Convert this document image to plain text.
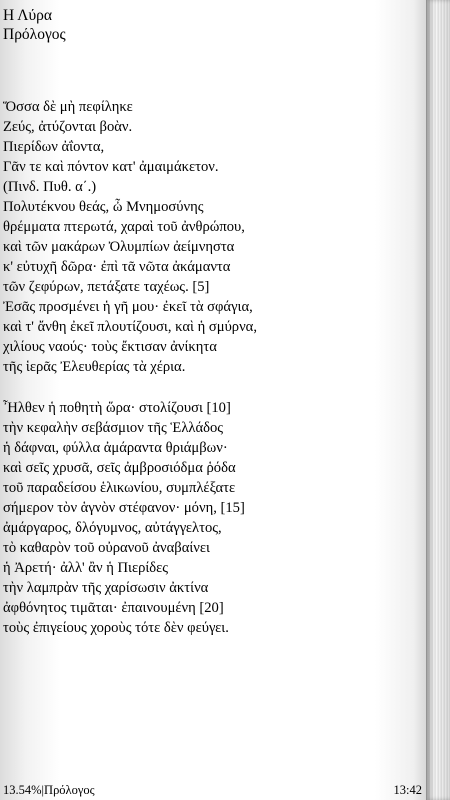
Η Λύρα
Πρόλογος
Ὅσσα δὲ μὴ πεφίληκε
Ζεύς, ἀτύζονται βοὰν.
Πιερίδων ἀΐοντα,
Γᾶν τε καὶ πόντον κατ' ἀμαιμάκετον.
(Πινδ. Πυθ. α΄.)
Πολυτέκνου θεάς, ὦ Μνημοσύνης
θρέμματα πτερωτά, χαραὶ τοῦ ἀνθρώπου,
καὶ τῶν μακάρων Ὀλυμπίων ἀείμνηστα
κ' εὐτυχῆ δῶρα· ἐπὶ τᾶ νῶτα ἀκάμαντα
τῶν ζεφύρων, πετάξατε ταχέως. [5]
Ἐσᾶς προσμένει ἡ γῆ μου· ἐκεῖ τὰ σφάγια,
καὶ τ' ἄνθη ἐκεῖ πλουτίζουσι, καὶ ἡ σμύρνα,
χιλίους ναούς· τοὺς ἔκτισαν ἀνίκητα
τῆς ἱερᾶς Ἐλευθερίας τὰ χέρια.
Ἦλθεν ἡ ποθητὴ ὥρα· στολίζουσι [10]
τὴν κεφαλὴν σεβάσμιον τῆς Ἑλλάδος
ἡ δάφναι, φύλλα ἀμάραντα θριάμβων·
καὶ σεῖς χρυσᾶ, σεῖς ἀμβροσιόδμα ῥόδα
τοῦ παραδείσου ἑλικωνίου, συμπλέξατε
σήμερον τὸν ἁγνὸν στέφανον· μόνη, [15]
ἀμάργαρος, δλόγυμνος, αὐτάγγελτος,
τὸ καθαρὸν τοῦ οὐρανοῦ ἀναβαίνει
ἡ Ἀρετή· ἀλλ' ἂν ἡ Πιερίδες
τὴν λαμπρὰν τῆς χαρίσωσιν ἀκτίνα
ἀφθόνητος τιμᾶται· ἐπαινουμένη [20]
τοὺς ἐπιγείους χοροὺς τότε δὲν φεύγει.
13.54%|Πρόλογος	13:42
